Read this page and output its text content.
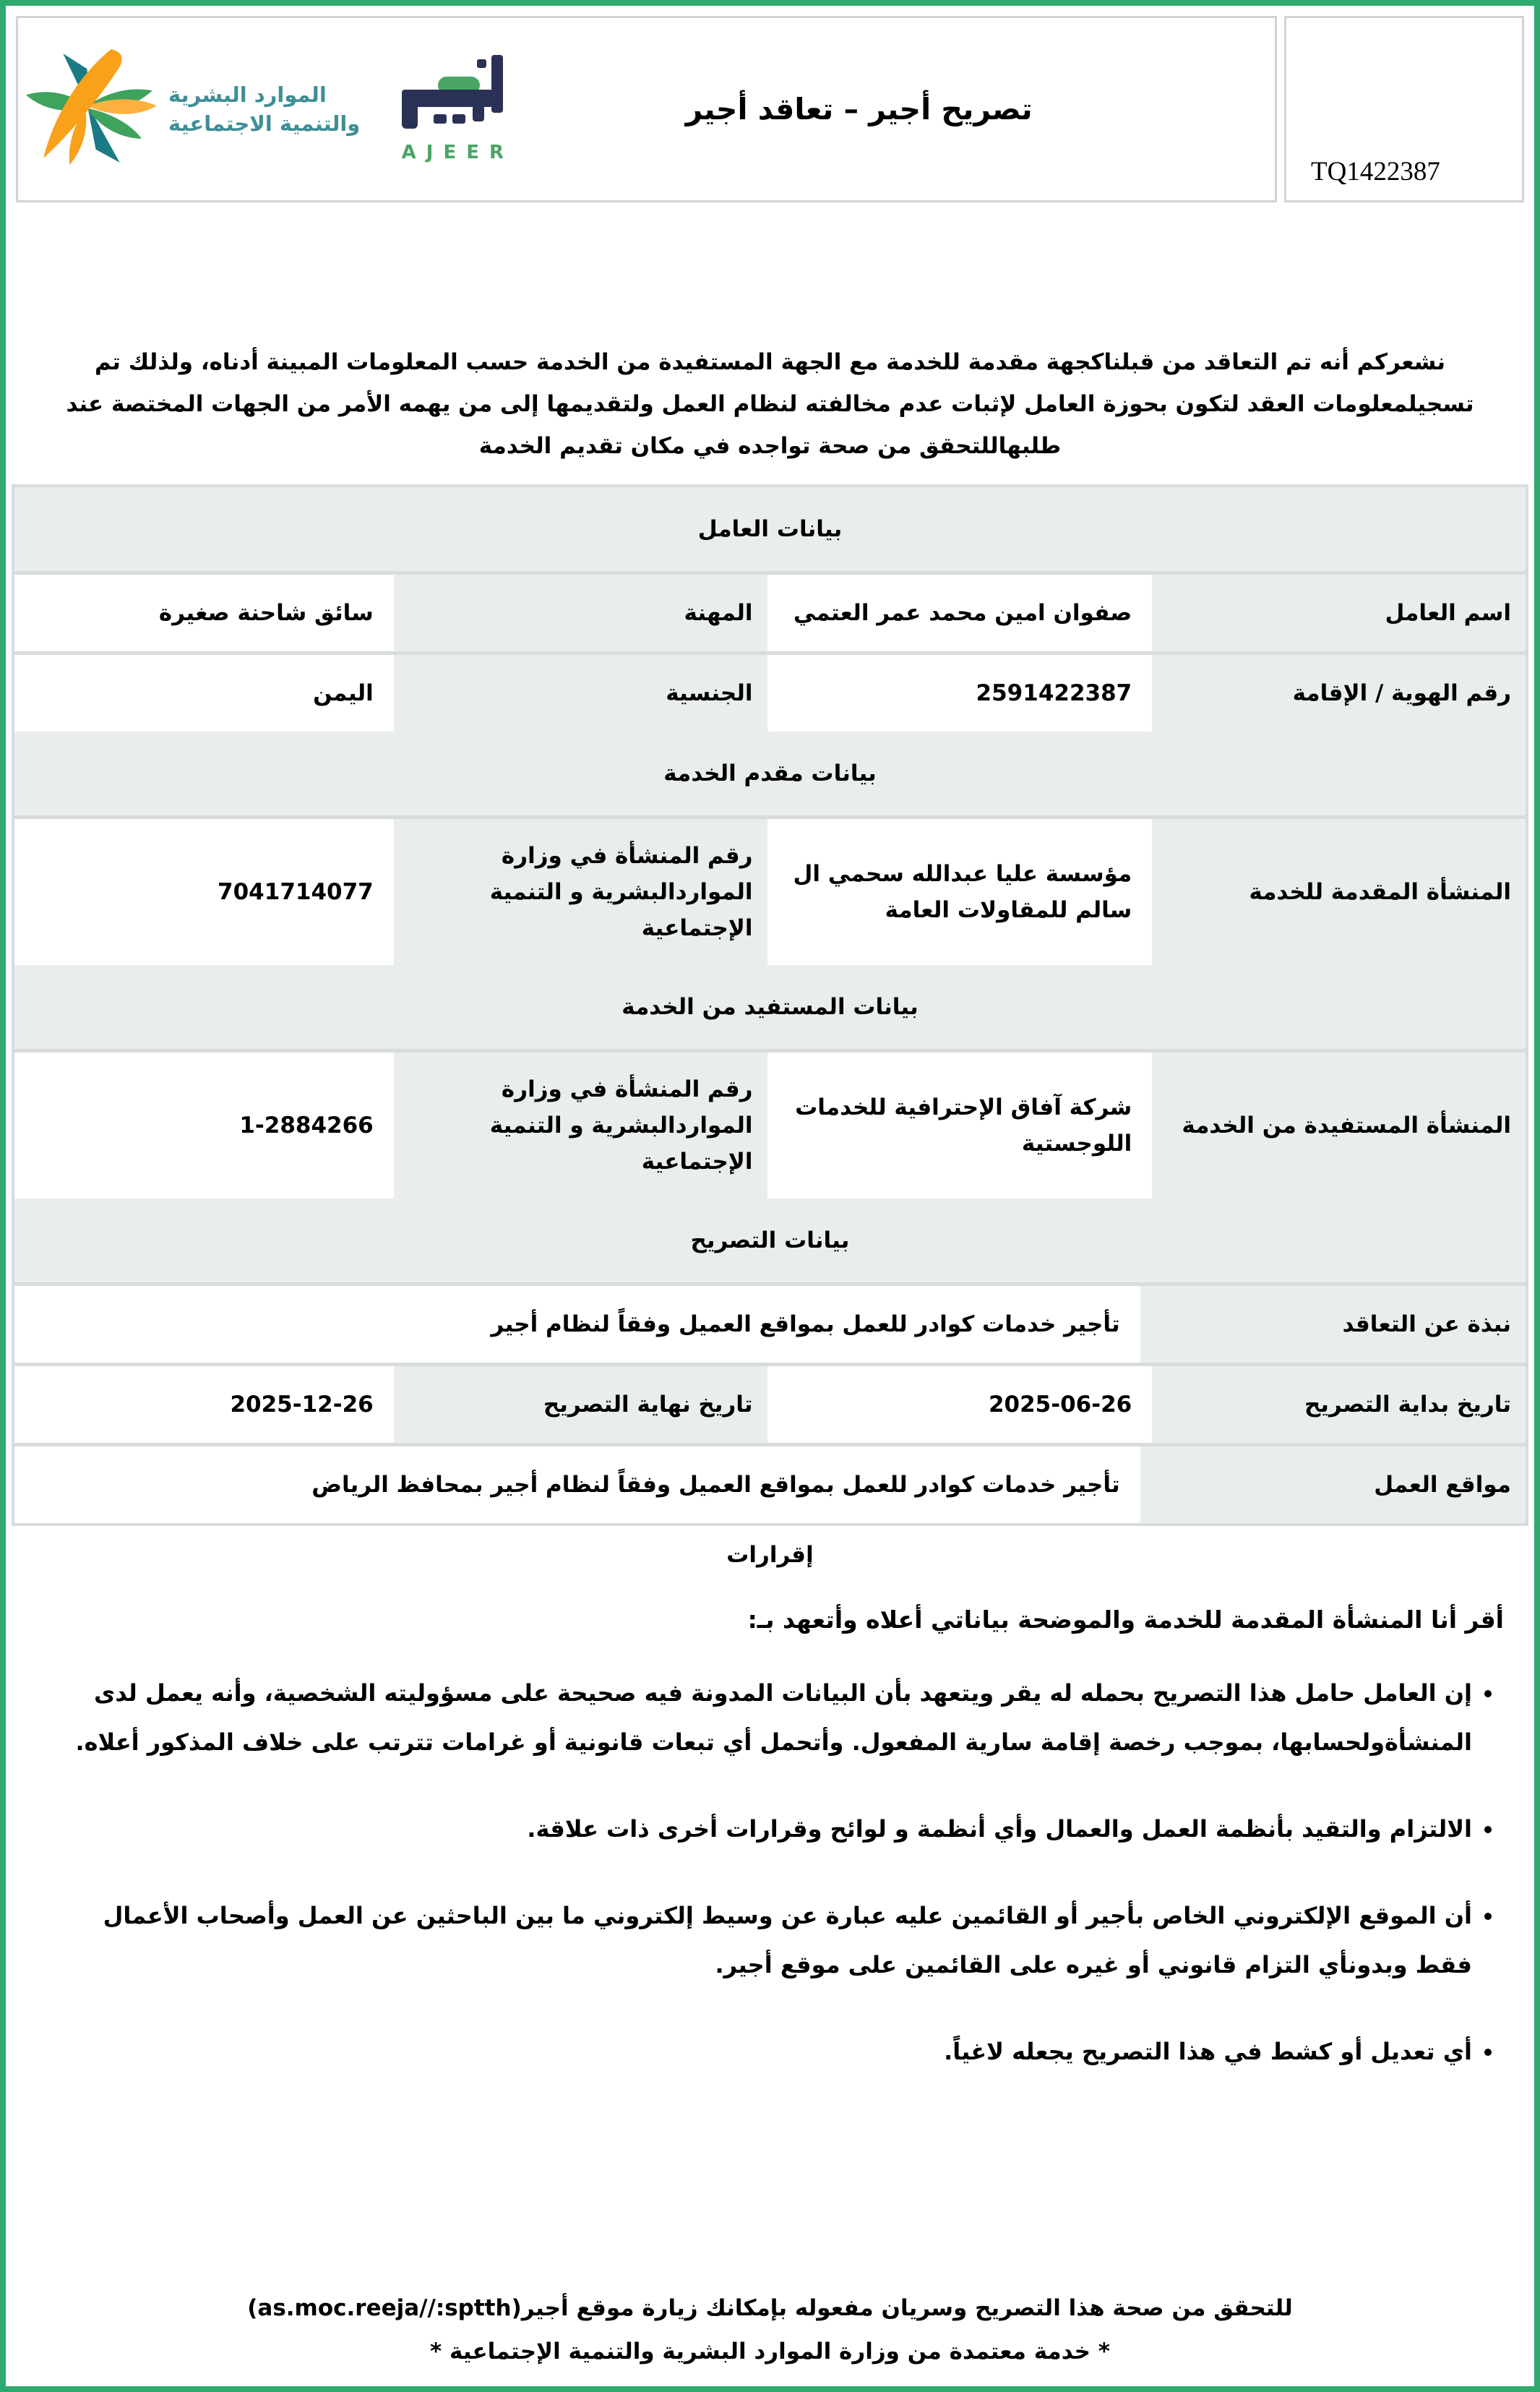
TQ1422387
تصريح أجير – تعاقد أجير
AJEER
الموارد البشرية
والتنمية الاجتماعية
نشعركم أنه تم التعاقد من قبلناكجهة مقدمة للخدمة مع الجهة المستفيدة من الخدمة حسب المعلومات المبينة أدناه، ولذلك تم تسجيلمعلومات العقد لتكون بحوزة العامل لإثبات عدم مخالفته لنظام العمل ولتقديمها إلى من يهمه الأمر من الجهات المختصة عند طلبهاللتحقق من صحة تواجده في مكان تقديم الخدمة
بيانات العامل
اسم العامل
صفوان امين محمد عمر العتمي
المهنة
سائق شاحنة صغيرة
رقم الهوية / الإقامة
2591422387
الجنسية
اليمن
بيانات مقدم الخدمة
المنشأة المقدمة للخدمة
مؤسسة عليا عبدالله سحمي ال سالم للمقاولات العامة
رقم المنشأة في وزارة المواردالبشرية و التنمية الإجتماعية
7041714077
بيانات المستفيد من الخدمة
المنشأة المستفيدة من الخدمة
شركة آفاق الإحترافية للخدمات اللوجستية
رقم المنشأة في وزارة المواردالبشرية و التنمية الإجتماعية
1-2884266
بيانات التصريح
نبذة عن التعاقد
تأجير خدمات كوادر للعمل بمواقع العميل وفقاً لنظام أجير
تاريخ بداية التصريح
2025-06-26
تاريخ نهاية التصريح
2025-12-26
مواقع العمل
تأجير خدمات كوادر للعمل بمواقع العميل وفقاً لنظام أجير بمحافظ الرياض
إقرارات
أقر أنا المنشأة المقدمة للخدمة والموضحة بياناتي أعلاه وأتعهد بـ:
• إن العامل حامل هذا التصريح بحمله له يقر ويتعهد بأن البيانات المدونة فيه صحيحة على مسؤوليته الشخصية، وأنه يعمل لدى المنشأةولحسابها، بموجب رخصة إقامة سارية المفعول. وأتحمل أي تبعات قانونية أو غرامات تترتب على خلاف المذكور أعلاه.
• الالتزام والتقيد بأنظمة العمل والعمال وأي أنظمة و لوائح وقرارات أخرى ذات علاقة.
• أن الموقع الإلكتروني الخاص بأجير أو القائمين عليه عبارة عن وسيط إلكتروني ما بين الباحثين عن العمل وأصحاب الأعمال فقط وبدونأي التزام قانوني أو غيره على القائمين على موقع أجير.
• أي تعديل أو كشط في هذا التصريح يجعله لاغياً.
للتحقق من صحة هذا التصريح وسريان مفعوله بإمكانك زيارة موقع أجير(as.moc.reeja//:sptth)
* خدمة معتمدة من وزارة الموارد البشرية والتنمية الإجتماعية *
